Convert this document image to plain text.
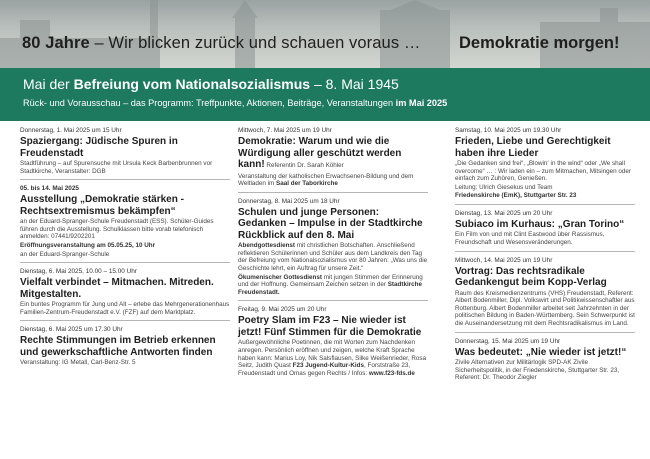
80 Jahre – Wir blicken zurück und schauen voraus … Demokratie morgen!
Mai der Befreiung vom Nationalsozialismus – 8. Mai 1945
Rück- und Vorausschau – das Programm: Treffpunkte, Aktionen, Beiträge, Veranstaltungen im Mai 2025
Donnerstag, 1. Mai 2025 um 15 Uhr
Spaziergang: Jüdische Spuren in Freudenstadt
Stadtführung – auf Spurensuche mit Ursula Keck Barbenbrunnen vor Stadtkirche, Veranstalter: DGB
05. bis 14. Mai 2025
Ausstellung „Demokratie stärken - Rechtsextremismus bekämpfen“
an der Eduard-Spranger-Schule Freudenstadt (ESS). Schüler-Guides führen durch die Ausstellung. Schulklassen bitte vorab telefonisch anmelden: 07441/9202201
Eröffnungsveranstaltung am 05.05.25, 10 Uhr
an der Eduard-Spranger-Schule
Dienstag, 6. Mai 2025, 10.00 – 15.00 Uhr
Vielfalt verbindet – Mitmachen. Mitreden. Mitgestalten.
Ein buntes Programm für Jung und Alt – erlebe das Mehrgenerationenhaus Familien-Zentrum-Freudenstadt e.V. (FZF) auf dem Marktplatz.
Dienstag, 6. Mai 2025 um 17.30 Uhr
Rechte Stimmungen im Betrieb erkennen und gewerkschaftliche Antworten finden
Veranstaltung: IG Metall, Carl-Benz-Str. 5
Mittwoch, 7. Mai 2025 um 19 Uhr
Demokratie: Warum und wie die Würdigung aller geschützt werden kann! Referentin Dr. Sarah Köhler
Veranstaltung der katholischen Erwachsenen-Bildung und dem Weltladen im Saal der Taborkirche
Donnerstag, 8. Mai 2025 um 18 Uhr
Schulen und junge Personen: Gedanken – Impulse in der Stadtkirche Rückblick auf den 8. Mai
Abendgottesdienst mit christlichen Botschaften. Anschließend reflektieren Schülerinnen und Schüler aus dem Landkreis den Tag der Befreiung vom Nationalsozialismus vor 80 Jahren: „Was uns die Geschichte lehrt, ein Auftrag für unsere Zeit.“
Ökumenischer Gottesdienst mit jungen Stimmen der Erinnerung und der Hoffnung. Gemeinsam Zeichen setzen in der Stadtkirche Freudenstadt.
Freitag, 9. Mai 2025 um 20 Uhr
Poetry Slam im F23 – Nie wieder ist jetzt! Fünf Stimmen für die Demokratie
Außergewöhnliche Poetinnen, die mit Worten zum Nachdenken anregen. Persönlich eröffnen und zeigen, welche Kraft Sprache haben kann: Marius Loy, Nik Salsflausen, Silke Weißenrieder, Rosa Seitz, Judith Quast F23 Jugend-Kultur-Kids, Forststraße 23, Freudenstadt und Omas gegen Rechts / Infos: www.f23-fds.de
Samstag, 10. Mai 2025 um 19.30 Uhr
Frieden, Liebe und Gerechtigkeit haben ihre Lieder
„Die Gedanken sind frei“, „Blowin‘ in the wind“ oder „We shall overcome“ … : Wir laden ein – zum Mitmachen, Mitsingen oder einfach zum Zuhören, Genießen.
Leitung: Ulrich Giesekus und Team
Friedenskirche (EmK), Stuttgarter Str. 23
Dienstag, 13. Mai 2025 um 20 Uhr
Subiaco im Kurhaus: „Gran Torino“
Ein Film von und mit Clint Eastwood über Rassismus, Freundschaft und Wesensveränderungen.
Mittwoch, 14. Mai 2025 um 19 Uhr
Vortrag: Das rechtsradikale Gedankengut beim Kopp-Verlag
Raum des Kreismedienzentrums (VHS) Freudenstadt, Referent: Albert Bodenmiller, Dipl. Volkswirt und Politikwissenschaftler aus Rottenburg. Albert Bodenmiller arbeitet seit Jahrzehnten in der politischen Bildung in Baden-Württemberg. Sein Schwerpunkt ist die Auseinandersetzung mit dem Rechtsradikalismus im Land.
Donnerstag, 15. Mai 2025 um 19 Uhr
Was bedeutet: „Nie wieder ist jetzt!“
Zivile Alternativen zur Militärlogik SPD-AK Zivile Sicherheitspolitik, in der Friedenskirche, Stuttgarter Str. 23, Referent: Dr. Theodor Ziegler
